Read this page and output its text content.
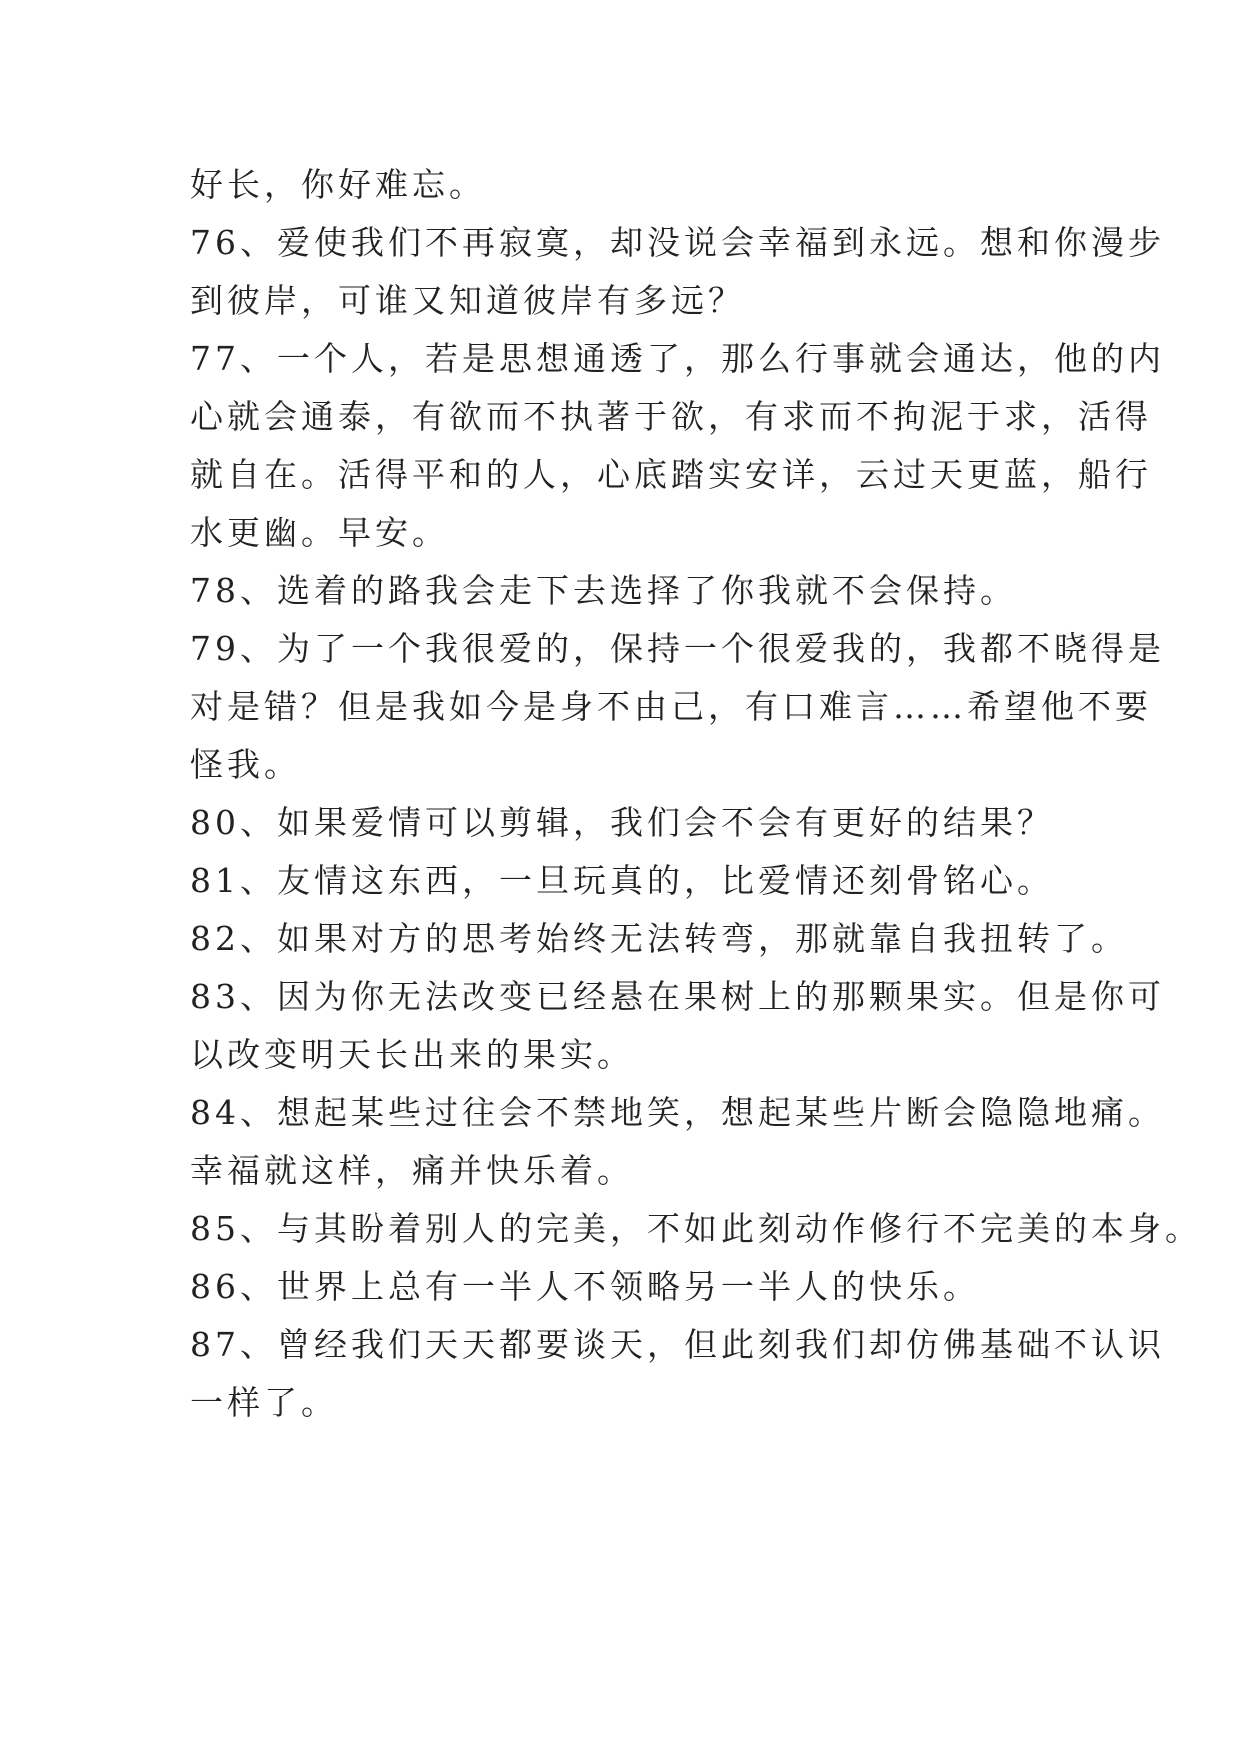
好长，你好难忘。
76、爱使我们不再寂寞，却没说会幸福到永远。想和你漫步
到彼岸，可谁又知道彼岸有多远？
77、一个人，若是思想通透了，那么行事就会通达，他的内
心就会通泰，有欲而不执著于欲，有求而不拘泥于求，活得
就自在。活得平和的人，心底踏实安详，云过天更蓝，船行
水更幽。早安。
78、选着的路我会走下去选择了你我就不会保持。
79、为了一个我很爱的，保持一个很爱我的，我都不晓得是
对是错？但是我如今是身不由己，有口难言……希望他不要
怪我。
80、如果爱情可以剪辑，我们会不会有更好的结果？
81、友情这东西，一旦玩真的，比爱情还刻骨铭心。
82、如果对方的思考始终无法转弯，那就靠自我扭转了。
83、因为你无法改变已经悬在果树上的那颗果实。但是你可
以改变明天长出来的果实。
84、想起某些过往会不禁地笑，想起某些片断会隐隐地痛。
幸福就这样，痛并快乐着。
85、与其盼着别人的完美，不如此刻动作修行不完美的本身。
86、世界上总有一半人不领略另一半人的快乐。
87、曾经我们天天都要谈天，但此刻我们却仿佛基础不认识
一样了。
